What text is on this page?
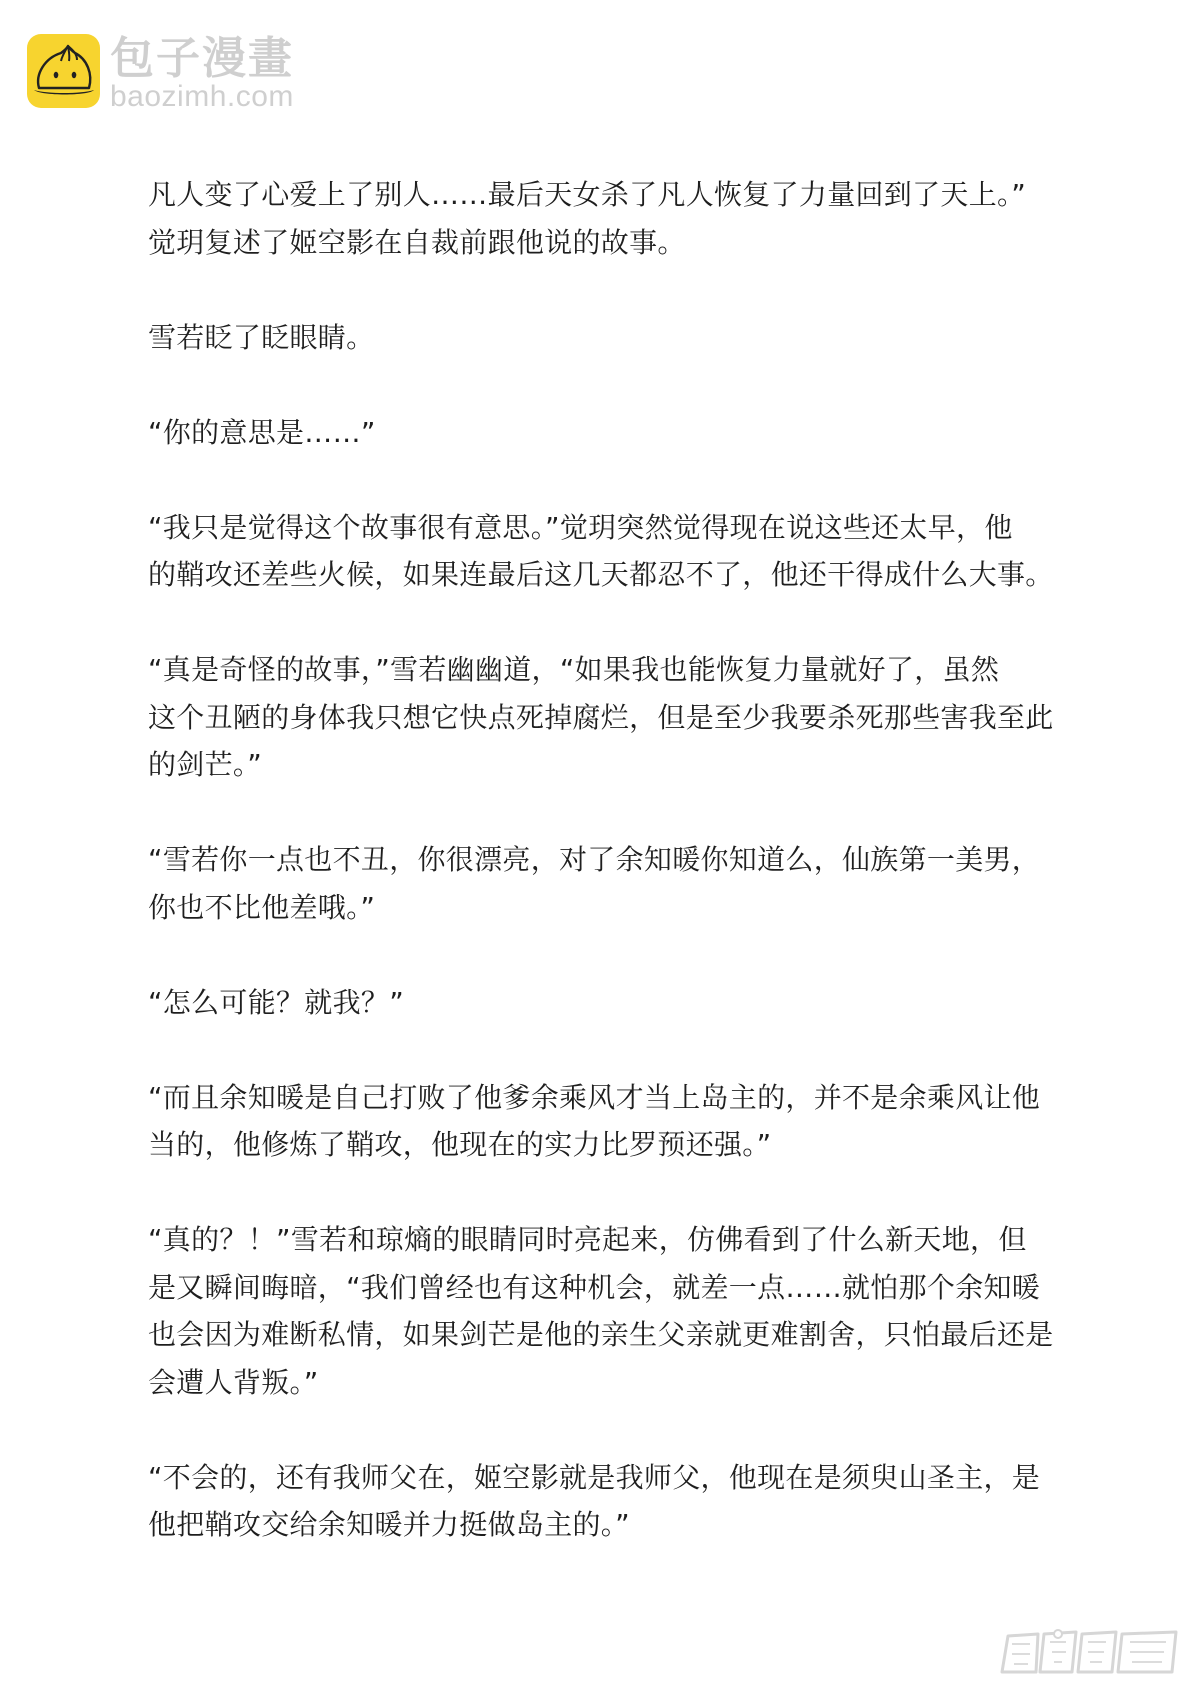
包子漫畫
baozimh.com

凡人变了心爱上了别人……最后天女杀了凡人恢复了力量回到了天上。”
觉玥复述了姬空影在自裁前跟他说的故事。

雪若眨了眨眼睛。

“你的意思是……”

“我只是觉得这个故事很有意思。”觉玥突然觉得现在说这些还太早，他
的鞘攻还差些火候，如果连最后这几天都忍不了，他还干得成什么大事。

“真是奇怪的故事，”雪若幽幽道，“如果我也能恢复力量就好了，虽然
这个丑陋的身体我只想它快点死掉腐烂，但是至少我要杀死那些害我至此
的剑芒。”

“雪若你一点也不丑，你很漂亮，对了余知暖你知道么，仙族第一美男，
你也不比他差哦。”

“怎么可能？就我？”

“而且余知暖是自己打败了他爹余乘风才当上岛主的，并不是余乘风让他
当的，他修炼了鞘攻，他现在的实力比罗预还强。”

“真的？！”雪若和琼熵的眼睛同时亮起来，仿佛看到了什么新天地，但
是又瞬间晦暗，“我们曾经也有这种机会，就差一点……就怕那个余知暖
也会因为难断私情，如果剑芒是他的亲生父亲就更难割舍，只怕最后还是
会遭人背叛。”

“不会的，还有我师父在，姬空影就是我师父，他现在是须臾山圣主，是
他把鞘攻交给余知暖并力挺做岛主的。”
